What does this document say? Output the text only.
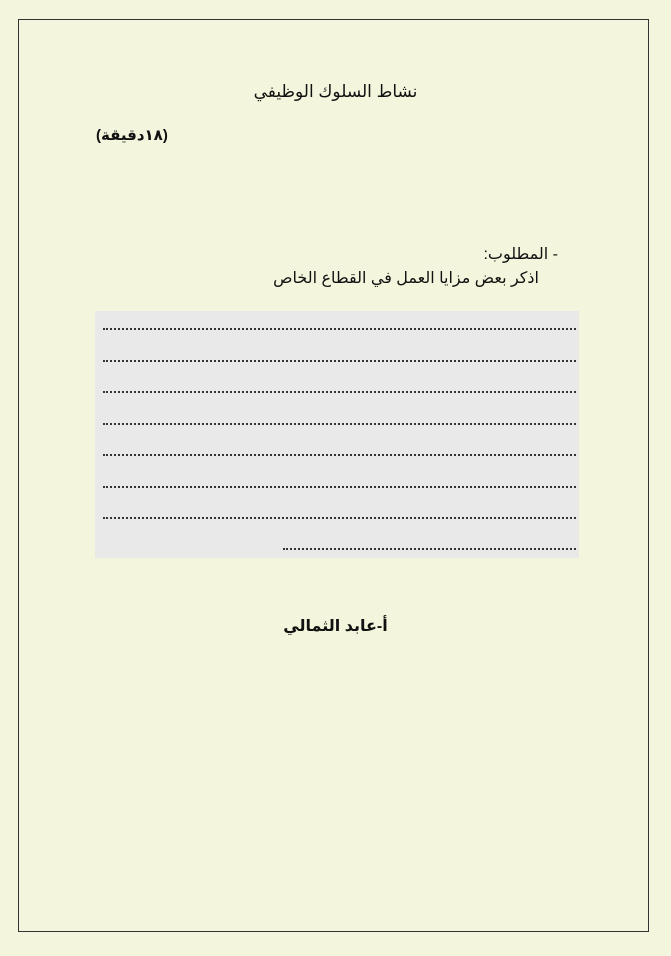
نشاط السلوك الوظيفي
(١٨دقيقة)
- المطلوب:
اذكر بعض مزايا العمل في القطاع الخاص
أ-عابد الثمالي
